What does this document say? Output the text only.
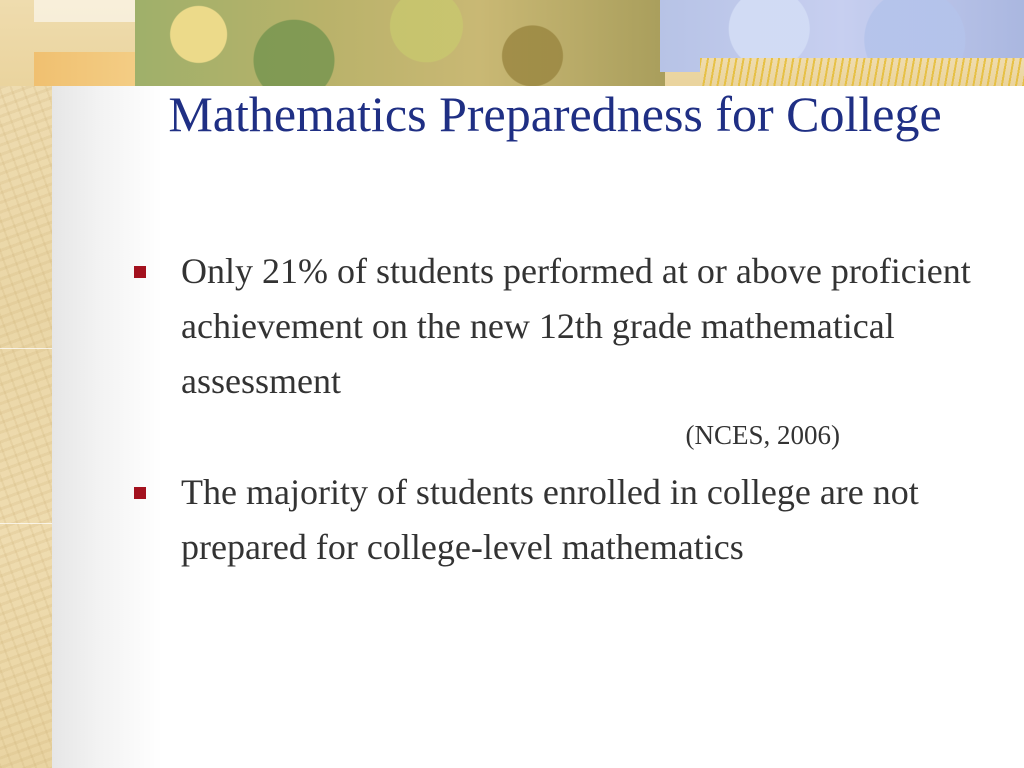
Mathematics Preparedness for College
Only 21% of students performed at or above proficient achievement on the new 12th grade mathematical assessment
(NCES, 2006)
The majority of students enrolled in college are not prepared for college-level mathematics
